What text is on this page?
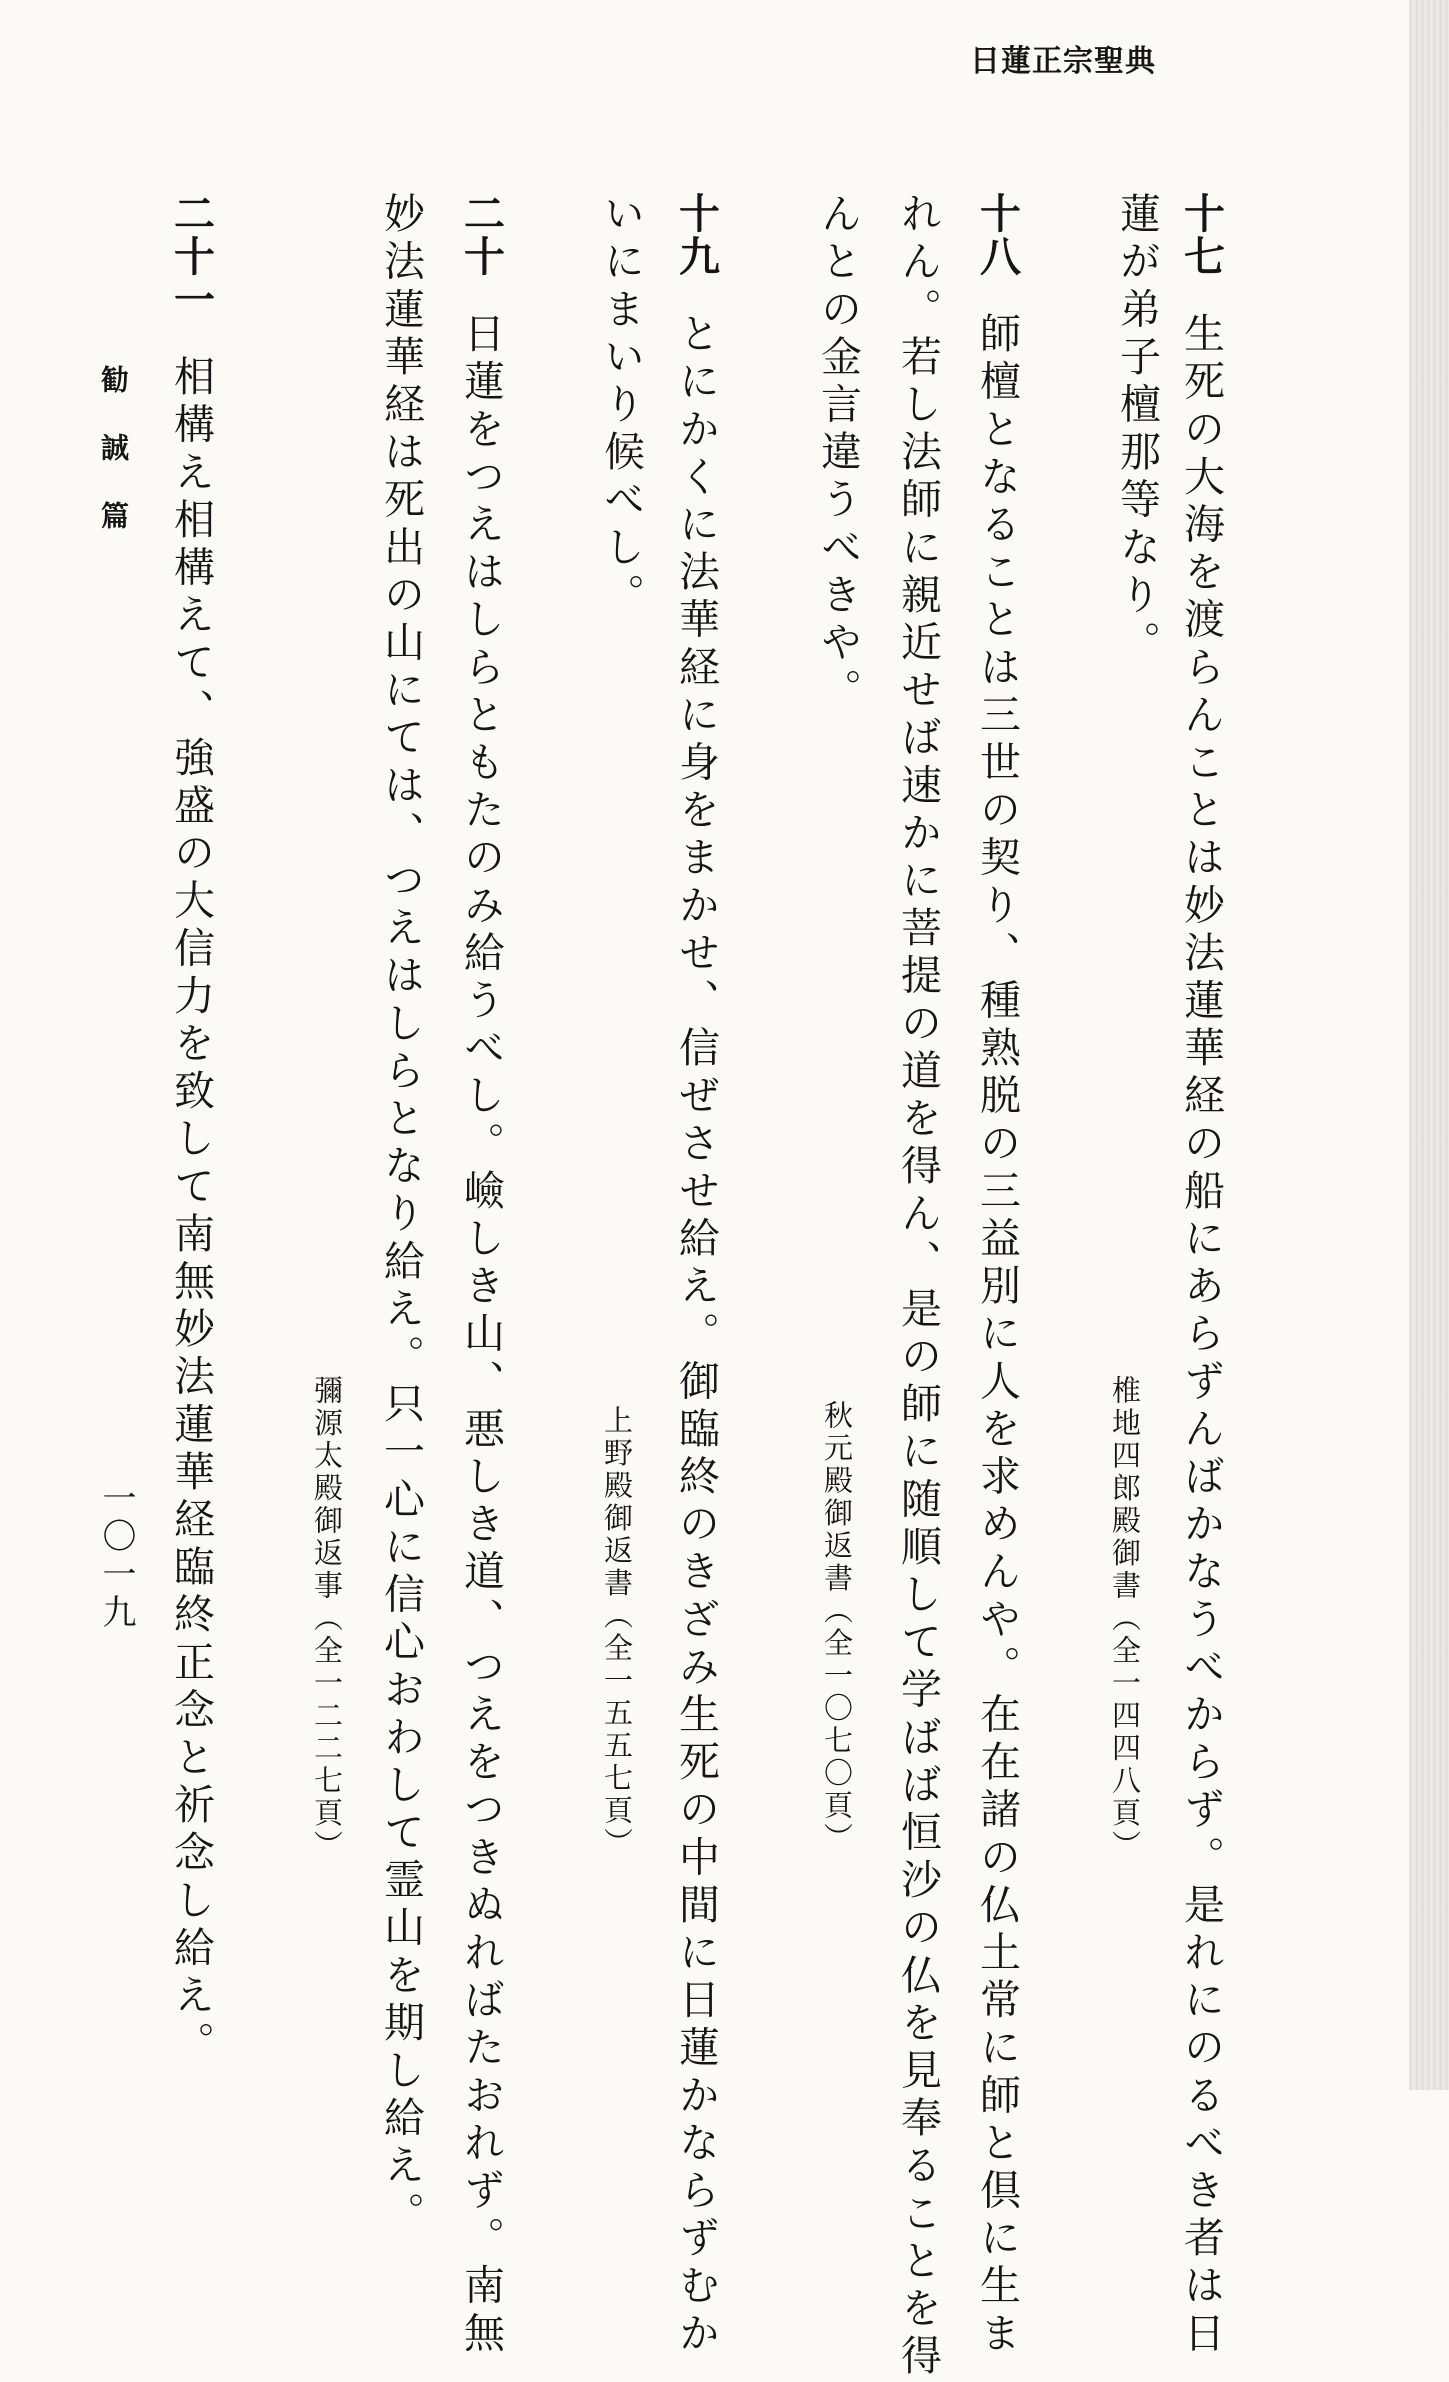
日蓮正宗聖典
十七生死の大海を渡らんことは妙法蓮華経の船にあらずんばかなうべからず。是れにのるべき者は日
蓮が弟子檀那等なり。
椎地四郎殿御書（全一四四八頁）
十八師檀となることは三世の契り、種熟脱の三益別に人を求めんや。在在諸の仏土常に師と倶に生ま
れん。若し法師に親近せば速かに菩提の道を得ん、是の師に随順して学ばば恒沙の仏を見奉ることを得
んとの金言違うべきや。
秋元殿御返書（全一〇七〇頁）
十九とにかくに法華経に身をまかせ、信ぜさせ給え。御臨終のきざみ生死の中間に日蓮かならずむか
いにまいり候べし。
上野殿御返書（全一五五七頁）
二十日蓮をつえはしらともたのみ給うべし。嶮しき山、悪しき道、つえをつきぬればたおれず。南無
妙法蓮華経は死出の山にては、つえはしらとなり給え。只一心に信心おわして霊山を期し給え。
彌源太殿御返事（全一二二七頁）
二十一相構え相構えて、強盛の大信力を致して南無妙法蓮華経臨終正念と祈念し給え。
勧誠篇
一〇一九
